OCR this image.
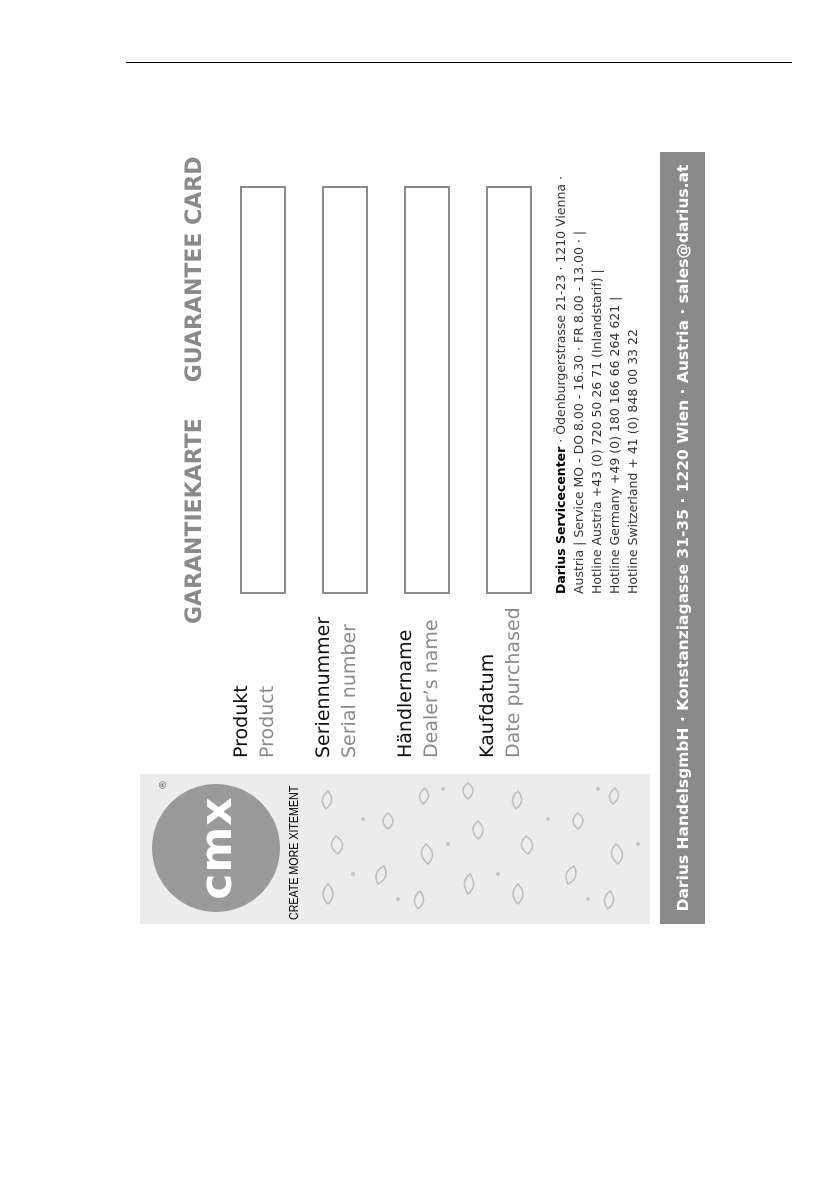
cmx
®
CREATE MORE XITEMENT
GARANTIEKARTEGUARANTEE CARD
Produkt Product Seriennummer Serial number Händlername Dealer’s name Kaufdatum Date purchased
Darius Servicecenter · Ödenburgerstrasse 21-23 · 1210 Vienna · Austria | Service MO - DO 8.00 - 16.30 · FR 8.00 - 13.00 · | Hotline Austria +43 (0) 720 50 26 71 (Inlandstarif) | Hotline Germany +49 (0) 180 166 66 264 621 | Hotline Switzerland + 41 (0) 848 00 33 22	Darius HandelsgmbH · Konstanziagasse 31-35 · 1220 Wien · Austria · sales@darius.at
